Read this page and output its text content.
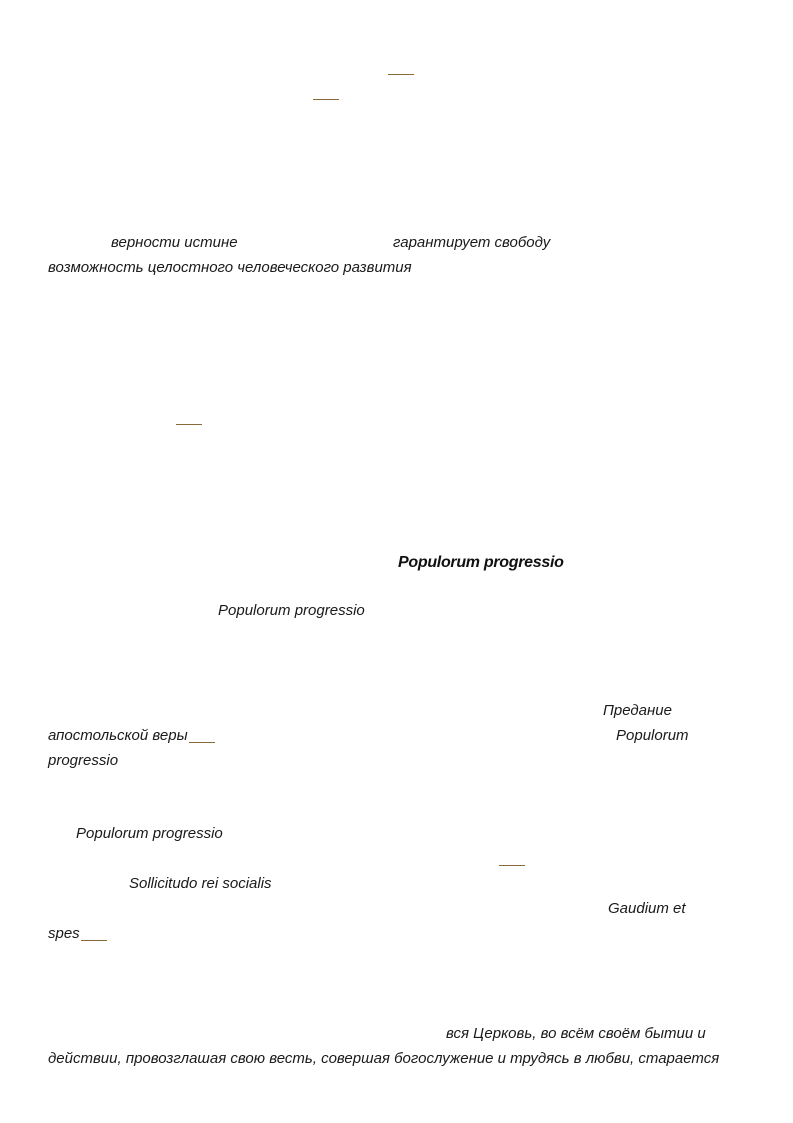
верности истине	гарантирует свободу
возможность целостного человеческого развития
Populorum progressio
Populorum progressio
Предание
апостольской веры	Populorum
progressio
Populorum progressio
Sollicitudo rei socialis
Gaudium et
spes
вся Церковь, во всём своём бытии и
действии, провозглашая свою весть, совершая богослужение и трудясь в любви, старается
